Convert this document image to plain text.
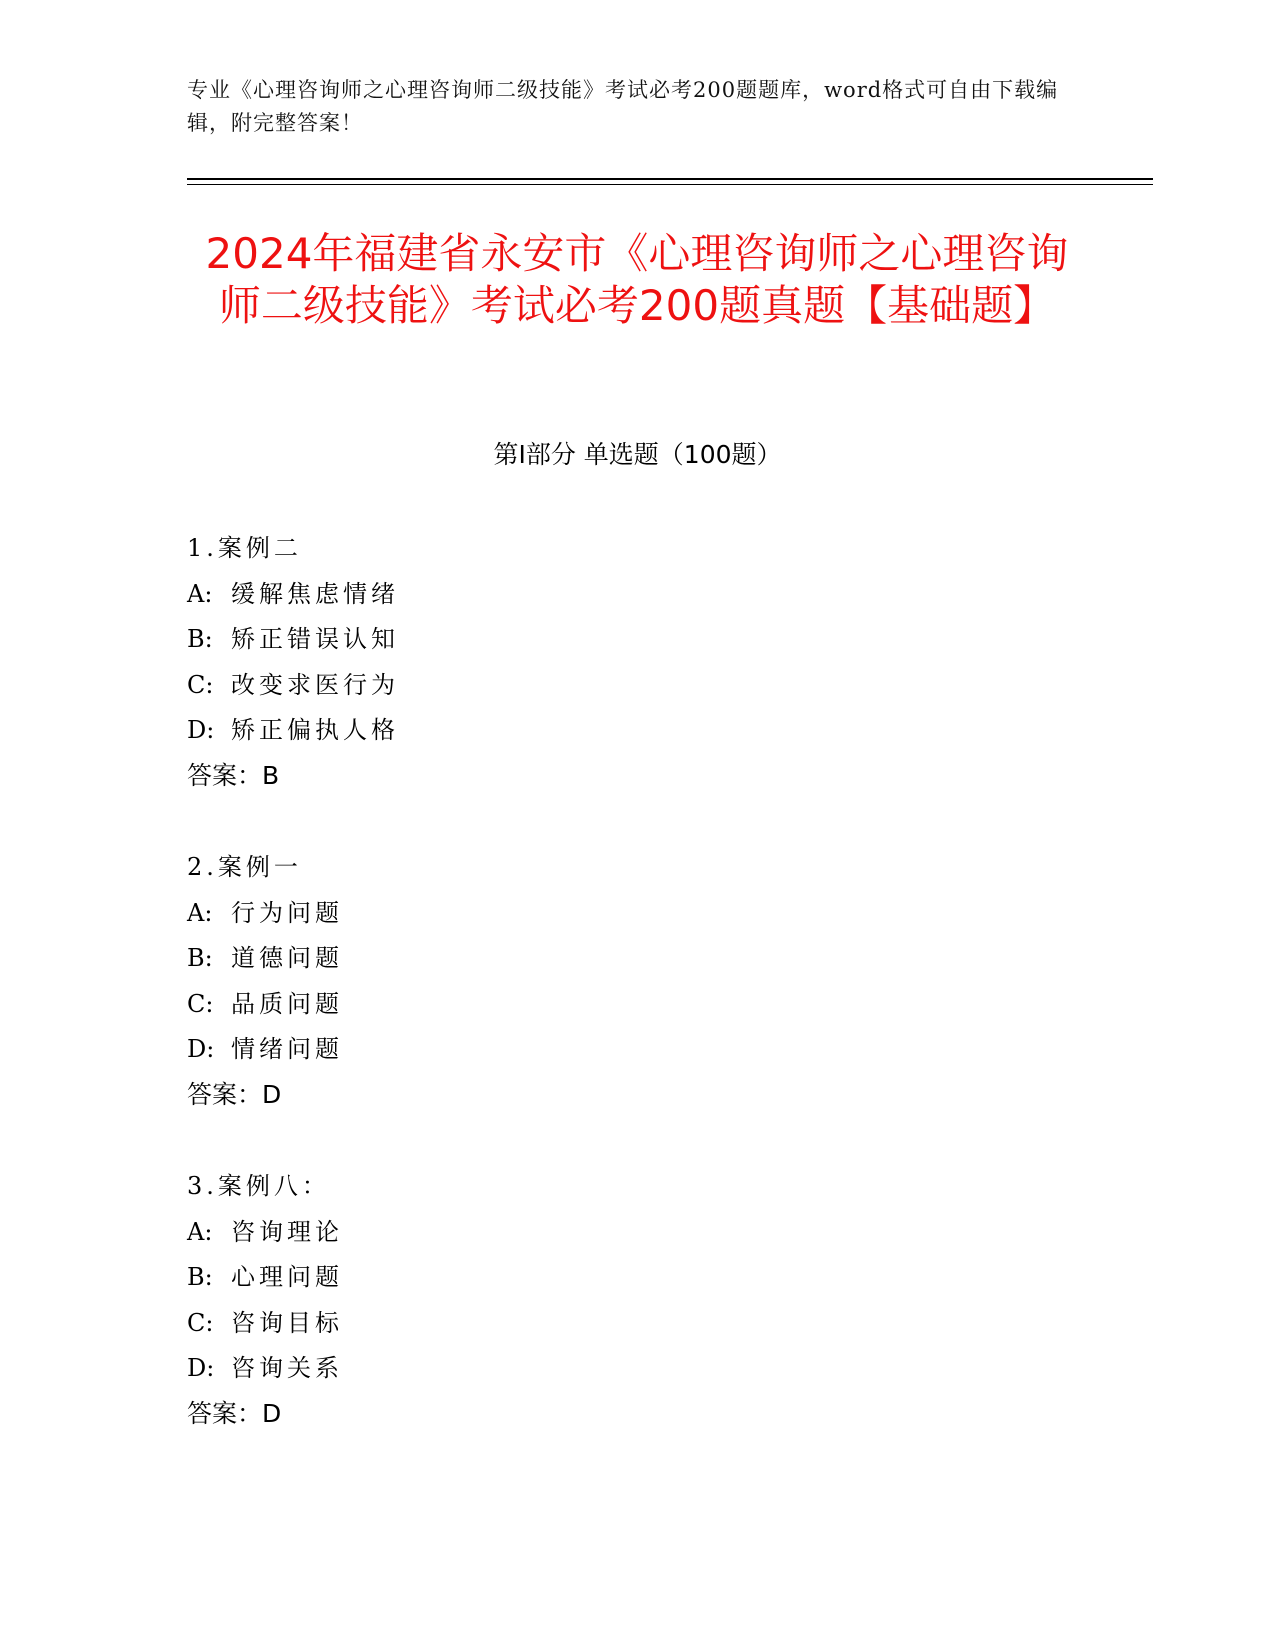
专业《心理咨询师之心理咨询师二级技能》考试必考200题题库，word格式可自由下载编辑，附完整答案！
2024年福建省永安市《心理咨询师之心理咨询师二级技能》考试必考200题真题【基础题】
第Ⅰ部分 单选题（100题）
1.案例二
A: 缓解焦虑情绪
B: 矫正错误认知
C: 改变求医行为
D: 矫正偏执人格
答案：B
2.案例一
A: 行为问题
B: 道德问题
C: 品质问题
D: 情绪问题
答案：D
3.案例八：
A: 咨询理论
B: 心理问题
C: 咨询目标
D: 咨询关系
答案：D
